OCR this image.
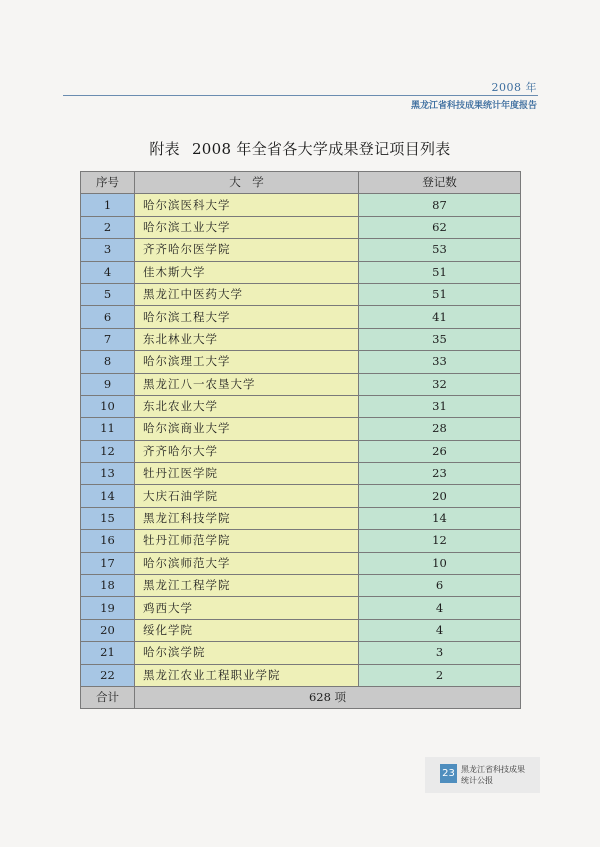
2008 年
黑龙江省科技成果统计年度报告
附表 2008 年全省各大学成果登记项目列表
序号	大　学	登记数
1	哈尔滨医科大学	87
2	哈尔滨工业大学	62
3	齐齐哈尔医学院	53
4	佳木斯大学	51
5	黑龙江中医药大学	51
6	哈尔滨工程大学	41
7	东北林业大学	35
8	哈尔滨理工大学	33
9	黑龙江八一农垦大学	32
10	东北农业大学	31
11	哈尔滨商业大学	28
12	齐齐哈尔大学	26
13	牡丹江医学院	23
14	大庆石油学院	20
15	黑龙江科技学院	14
16	牡丹江师范学院	12
17	哈尔滨师范大学	10
18	黑龙江工程学院	6
19	鸡西大学	4
20	绥化学院	4
21	哈尔滨学院	3
22	黑龙江农业工程职业学院	2
合计	628 项	
23 黑龙江省科技成果
统计公报
